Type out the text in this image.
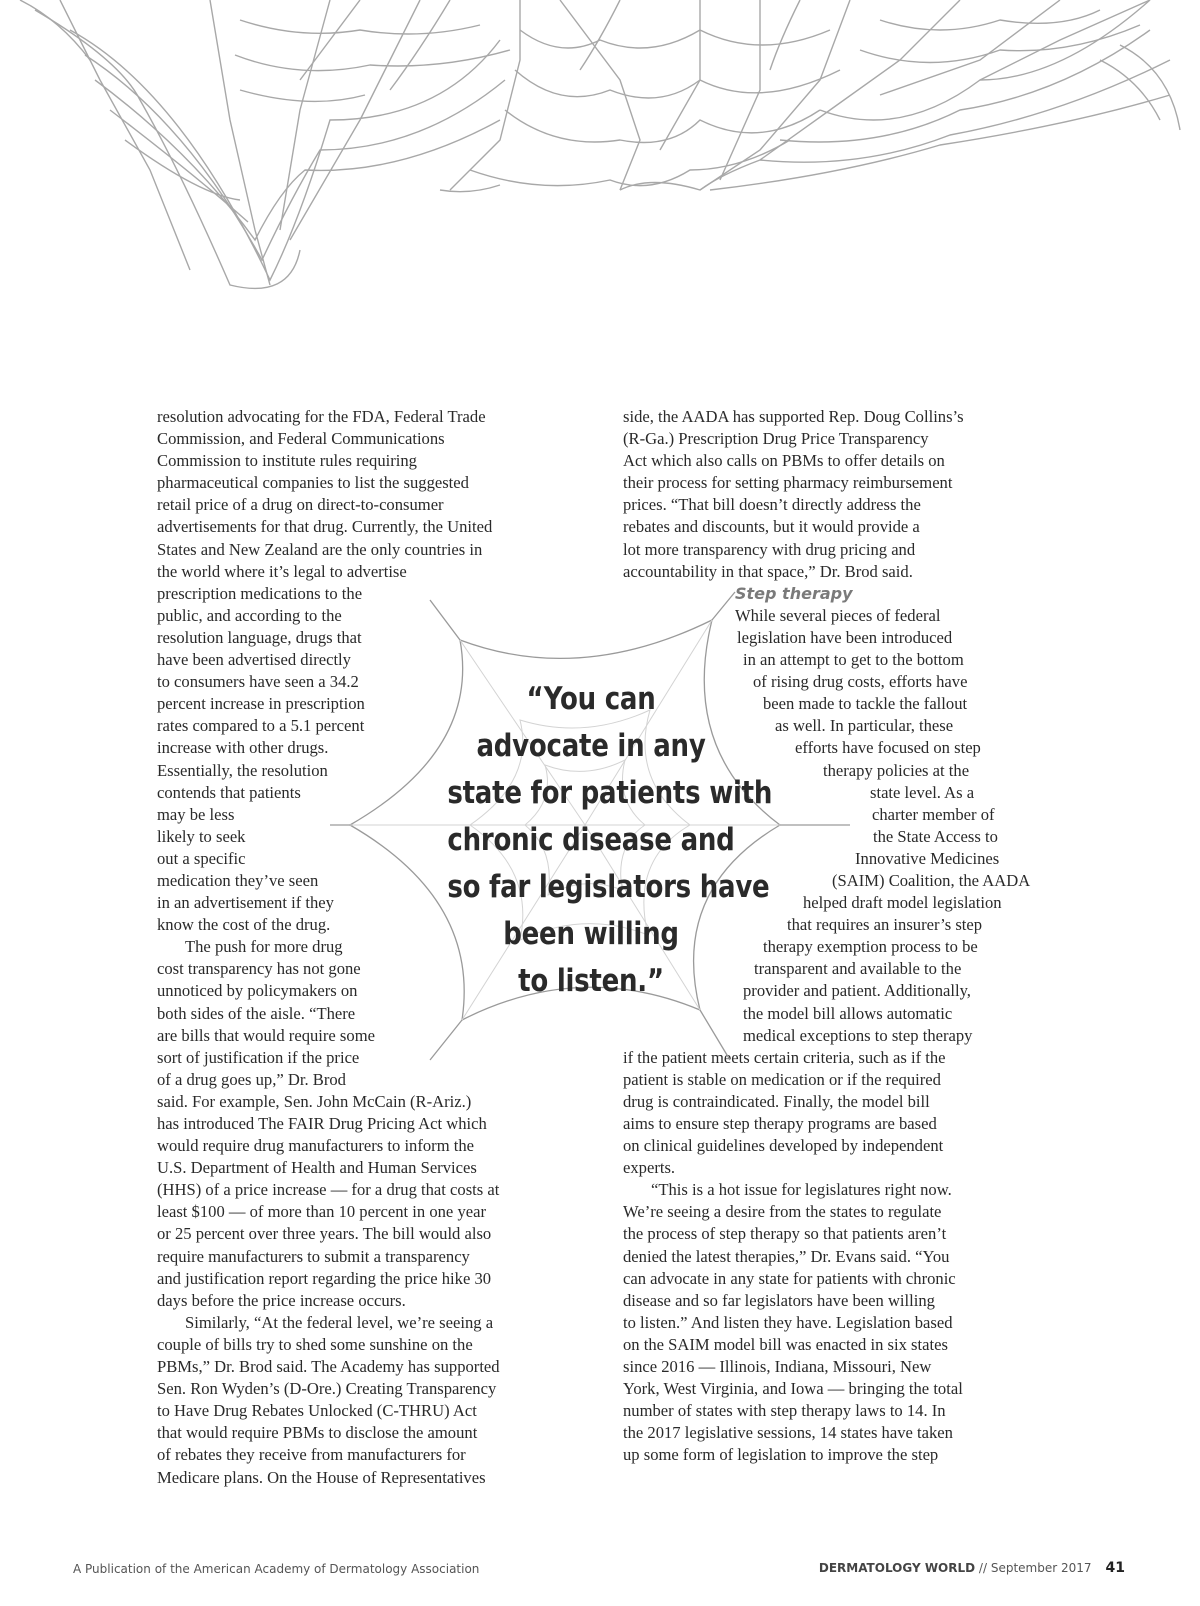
resolution advocating for the FDA, Federal Trade
Commission, and Federal Communications
Commission to institute rules requiring
pharmaceutical companies to list the suggested
retail price of a drug on direct-to-consumer
advertisements for that drug. Currently, the United
States and New Zealand are the only countries in
the world where it’s legal to advertise
prescription medications to the
public, and according to the
resolution language, drugs that
have been advertised directly
to consumers have seen a 34.2
percent increase in prescription
rates compared to a 5.1 percent
increase with other drugs.
Essentially, the resolution
contends that patients
may be less
likely to seek
out a specific
medication they’ve seen
in an advertisement if they
know the cost of the drug.
The push for more drug
cost transparency has not gone
unnoticed by policymakers on
both sides of the aisle. “There
are bills that would require some
sort of justification if the price
of a drug goes up,” Dr. Brod
said. For example, Sen. John McCain (R-Ariz.)
has introduced The FAIR Drug Pricing Act which
would require drug manufacturers to inform the
U.S. Department of Health and Human Services
(HHS) of a price increase — for a drug that costs at
least $100 — of more than 10 percent in one year
or 25 percent over three years. The bill would also
require manufacturers to submit a transparency
and justification report regarding the price hike 30
days before the price increase occurs.
Similarly, “At the federal level, we’re seeing a
couple of bills try to shed some sunshine on the
PBMs,” Dr. Brod said. The Academy has supported
Sen. Ron Wyden’s (D-Ore.) Creating Transparency
to Have Drug Rebates Unlocked (C-THRU) Act
that would require PBMs to disclose the amount
of rebates they receive from manufacturers for
Medicare plans. On the House of Representatives
side, the AADA has supported Rep. Doug Collins’s
(R-Ga.) Prescription Drug Price Transparency
Act which also calls on PBMs to offer details on
their process for setting pharmacy reimbursement
prices. “That bill doesn’t directly address the
rebates and discounts, but it would provide a
lot more transparency with drug pricing and
accountability in that space,” Dr. Brod said.
Step therapy
While several pieces of federal
legislation have been introduced
in an attempt to get to the bottom
of rising drug costs, efforts have
been made to tackle the fallout
as well. In particular, these
efforts have focused on step
therapy policies at the
state level. As a
charter member of
the State Access to
Innovative Medicines
(SAIM) Coalition, the AADA
helped draft model legislation
that requires an insurer’s step
therapy exemption process to be
transparent and available to the
provider and patient. Additionally,
the model bill allows automatic
medical exceptions to step therapy
if the patient meets certain criteria, such as if the
patient is stable on medication or if the required
drug is contraindicated. Finally, the model bill
aims to ensure step therapy programs are based
on clinical guidelines developed by independent
experts.
“This is a hot issue for legislatures right now.
We’re seeing a desire from the states to regulate
the process of step therapy so that patients aren’t
denied the latest therapies,” Dr. Evans said. “You
can advocate in any state for patients with chronic
disease and so far legislators have been willing
to listen.” And listen they have. Legislation based
on the SAIM model bill was enacted in six states
since 2016 — Illinois, Indiana, Missouri, New
York, West Virginia, and Iowa — bringing the total
number of states with step therapy laws to 14. In
the 2017 legislative sessions, 14 states have taken
up some form of legislation to improve the step
“You can
advocate in any
state for patients with
chronic disease and
so far legislators have
been willing
to listen.”
A Publication of the American Academy of Dermatology Association	DERMATOLOGY WORLD // September 2017 41
